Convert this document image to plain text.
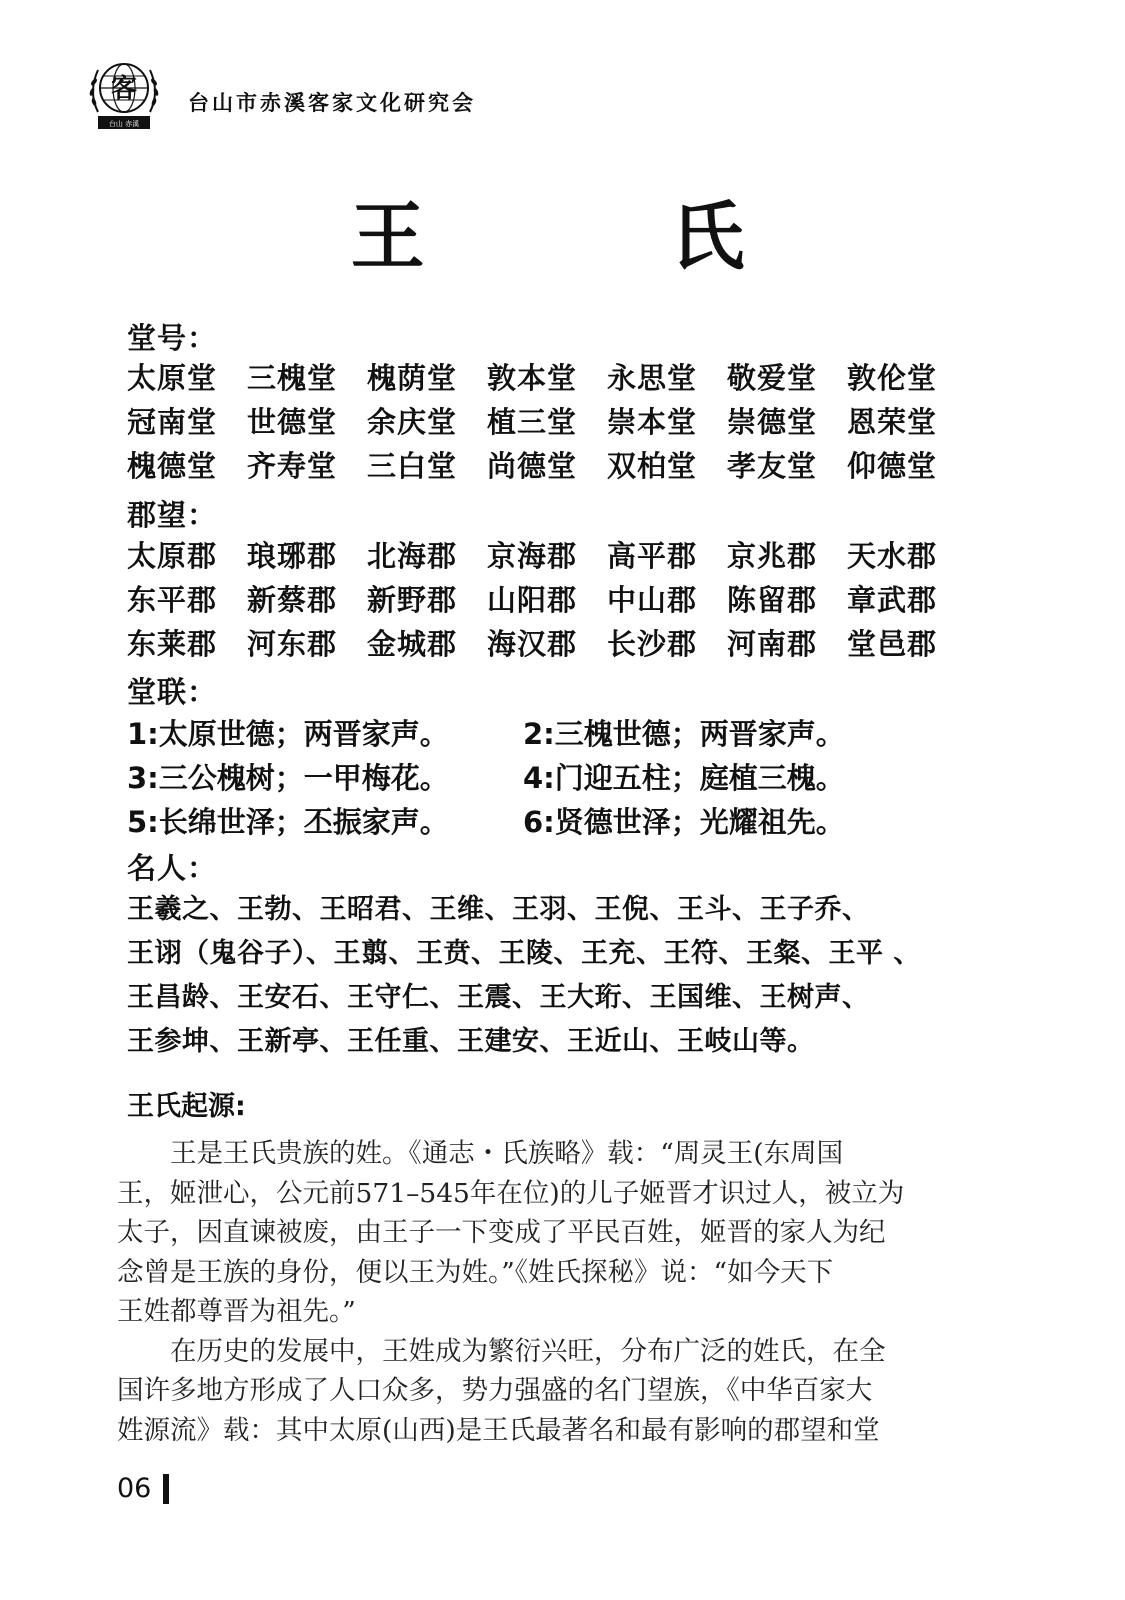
客
台山 赤溪
台山市赤溪客家文化研究会
王 氏
堂号：
太原堂	三槐堂	槐荫堂	敦本堂	永思堂	敬爱堂	敦伦堂
冠南堂	世德堂	余庆堂	植三堂	崇本堂	崇德堂	恩荣堂
槐德堂	齐寿堂	三白堂	尚德堂	双柏堂	孝友堂	仰德堂
郡望：
太原郡	琅琊郡	北海郡	京海郡	高平郡	京兆郡	天水郡
东平郡	新蔡郡	新野郡	山阳郡	中山郡	陈留郡	章武郡
东莱郡	河东郡	金城郡	海汉郡	长沙郡	河南郡	堂邑郡
堂联：
1:太原世德；两晋家声。	2:三槐世德；两晋家声。
3:三公槐树；一甲梅花。	4:门迎五柱；庭植三槐。
5:长绵世泽；丕振家声。	6:贤德世泽；光耀祖先。
名人：
王羲之、王勃、王昭君、王维、王羽、王倪、王斗、王子乔、
王诩（鬼谷子）、王翦、王贲、王陵、王充、王符、王粲、王平 、
王昌龄、王安石、王守仁、王震、王大珩、王国维、王树声、
王参坤、王新亭、王任重、王建安、王近山、王岐山等。
王氏起源:
　　王是王氏贵族的姓。《通志・氏族略》载：“周灵王(东周国
王，姬泄心，公元前571–545年在位)的儿子姬晋才识过人，被立为
太子，因直谏被废，由王子一下变成了平民百姓，姬晋的家人为纪
念曾是王族的身份，便以王为姓。”《姓氏探秘》说：“如今天下
王姓都尊晋为祖先。”
　　在历史的发展中，王姓成为繁衍兴旺，分布广泛的姓氏，在全
国许多地方形成了人口众多，势力强盛的名门望族，《中华百家大
姓源流》载：其中太原(山西)是王氏最著名和最有影响的郡望和堂
06
